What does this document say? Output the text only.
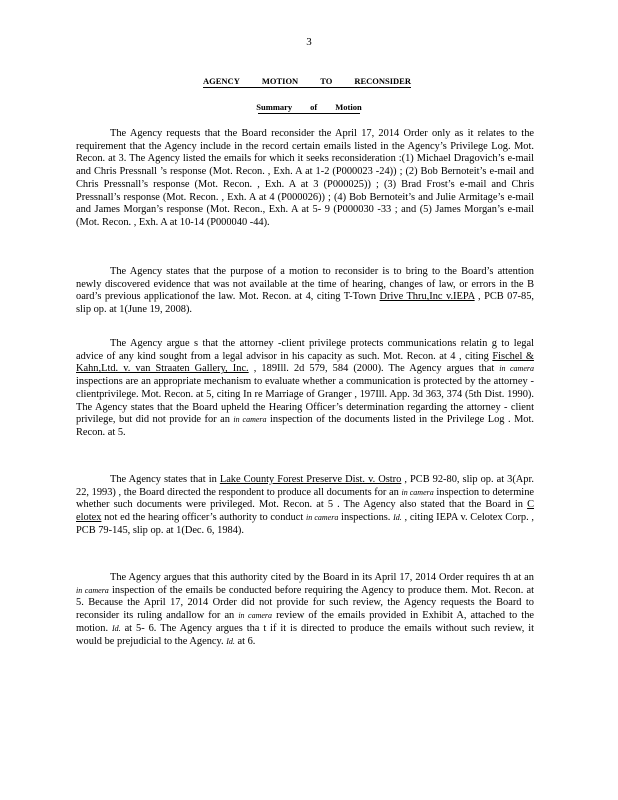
3
AGENCY	MOTION	TO	RECONSIDER
Summary of Motion

The Agency requests that the Board reconsider the April 17, 2014 Order only as it relates to the requirement that the Agency include in the record certain emails listed in the Agency’s Privilege Log. Mot. Recon. at 3. The Agency listed the emails for which it seeks reconsideration :(1) Michael Dragovich’s e-mail and Chris Pressnall ’s response (Mot. Recon. , Exh. A at 1-2 (P000023 -24)) ; (2) Bob Bernoteit’s e-mail and Chris Pressnall’s response (Mot. Recon. , Exh. A at 3 (P000025)) ; (3) Brad Frost’s e-mail and Chris Pressnall’s response (Mot. Recon. , Exh. A at 4 (P000026)) ; (4) Bob Bernoteit’s and Julie Armitage’s e-mail and James Morgan’s response (Mot. Recon., Exh. A at 5- 9 (P000030 -33 ; and (5) James Morgan’s e-mail (Mot. Recon. , Exh. A at 10-14 (P000040 -44).

The Agency states that the purpose of a motion to reconsider is to bring to the Board’s attention newly discovered evidence that was not available at the time of hearing, changes of law, or errors in the B oard’s previous applicationof the law. Mot. Recon. at 4, citing T-Town Drive Thru,Inc v.IEPA , PCB 07-85, slip op. at 1(June 19, 2008).

The Agency argue s that the attorney -client privilege protects communications relatin g to legal advice of any kind sought from a legal advisor in his capacity as such. Mot. Recon. at 4 , citing Fischel & Kahn,Ltd. v. van Straaten Gallery, Inc. , 189Ill. 2d 579, 584 (2000). The Agency argues that in camera inspections are an appropriate mechanism to evaluate whether a communication is protected by the attorney -clientprivilege. Mot. Recon. at 5, citing In re Marriage of Granger , 197Ill. App. 3d 363, 374 (5th Dist. 1990). The Agency states that the Board upheld the Hearing Officer’s determination regarding the attorney - client privilege, but did not provide for an in camera inspection of the documents listed in the Privilege Log . Mot. Recon. at 5.

The Agency states that in Lake County Forest Preserve Dist. v. Ostro , PCB 92-80, slip op. at 3(Apr. 22, 1993) , the Board directed the respondent to produce all documents for an in camera inspection to determine whether such documents were privileged. Mot. Recon. at 5 . The Agency also stated that the Board in C elotex not ed the hearing officer’s authority to conduct in camera inspections. Id. , citing IEPA v. Celotex Corp. , PCB 79-145, slip op. at 1(Dec. 6, 1984).

The Agency argues that this authority cited by the Board in its April 17, 2014 Order requires th at an in camera inspection of the emails be conducted before requiring the Agency to produce them. Mot. Recon. at 5. Because the April 17, 2014 Order did not provide for such review, the Agency requests the Board to reconsider its ruling andallow for an in camera review of the emails provided in Exhibit A, attached to the motion. Id. at 5- 6. The Agency argues tha t if it is directed to produce the emails without such review, it would be prejudicial to the Agency. Id. at 6.
